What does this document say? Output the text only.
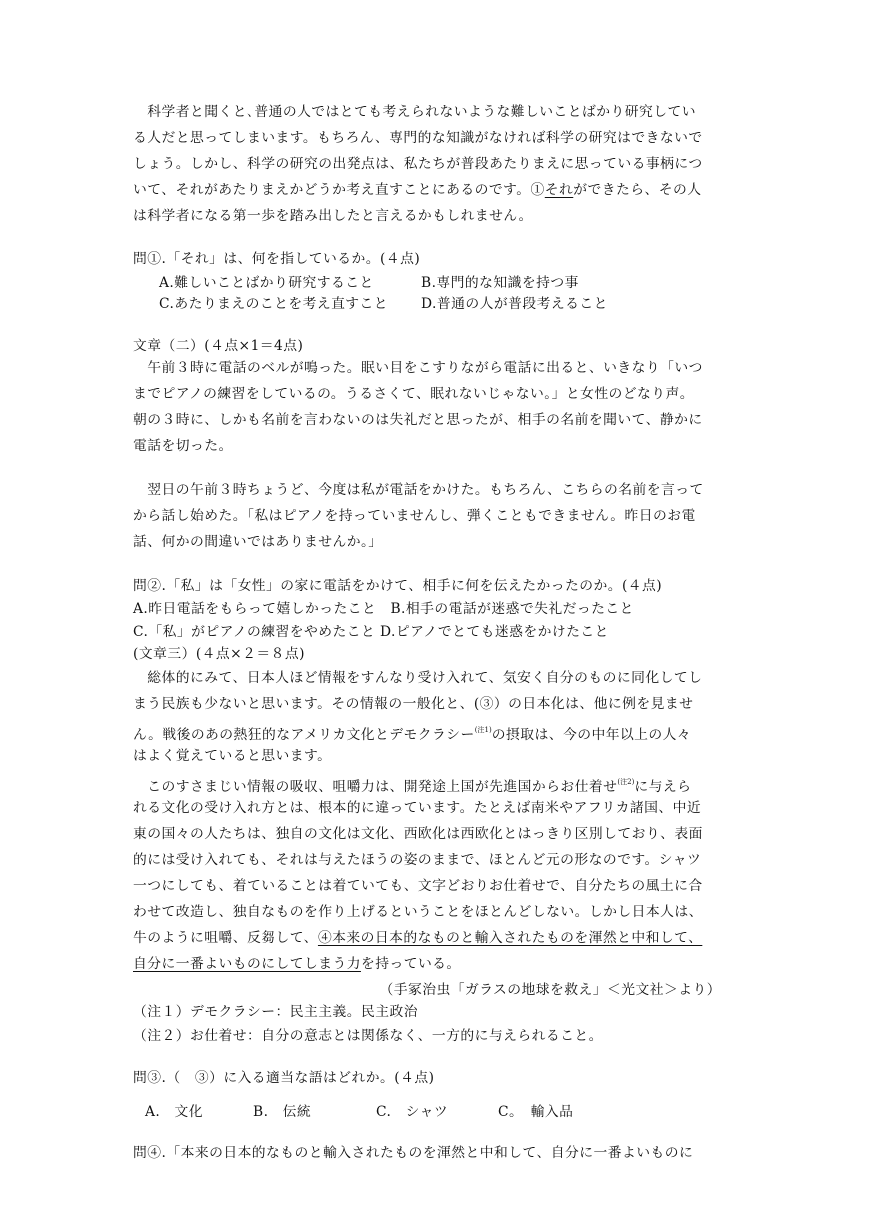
　科学者と聞くと､普通の人ではとても考えられないような難しいことばかり研究してい
る人だと思ってしまいます。もちろん、専門的な知識がなければ科学の研究はできないで
しょう。しかし、科学の研究の出発点は、私たちが普段あたりまえに思っている事柄につ
いて、それがあたりまえかどうか考え直すことにあるのです。①それができたら、その人
は科学者になる第一歩を踏み出したと言えるかもしれません。
問①.「それ」は、何を指しているか。(４点)
A.難しいことばかり研究すること	B.専門的な知識を持つ事
C.あたりまえのことを考え直すこと D.普通の人が普段考えること
文章（二）(４点×1＝4点)
　午前３時に電話のベルが鳴った。眠い目をこすりながら電話に出ると、いきなり「いつ
までピアノの練習をしているの。うるさくて、眠れないじゃない。」と女性のどなり声。
朝の３時に、しかも名前を言わないのは失礼だと思ったが、相手の名前を聞いて、静かに
電話を切った。
　翌日の午前３時ちょうど、今度は私が電話をかけた。もちろん、こちらの名前を言って
から話し始めた。「私はピアノを持っていませんし、弾くこともできません。昨日のお電
話、何かの間違いではありませんか。」
問②.「私」は「女性」の家に電話をかけて、相手に何を伝えたかったのか。(４点)
A.昨日電話をもらって嬉しかったこと　B.相手の電話が迷惑で失礼だったこと
C.「私」がピアノの練習をやめたこと D.ピアノでとても迷惑をかけたこと
(文章三）(４点×２＝８点)
　総体的にみて、日本人ほど情報をすんなり受け入れて、気安く自分のものに同化してし
まう民族も少ないと思います。その情報の一般化と、(③）の日本化は、他に例を見ませ
ん。戦後のあの熱狂的なアメリカ文化とデモクラシー$^{(注1)}$の摂取は、今の中年以上の人々
はよく覚えていると思います。
　このすさまじい情報の吸収、咀嚼力は、開発途上国が先進国からお仕着せ$^{(注2)}$に与えら
れる文化の受け入れ方とは、根本的に違っています。たとえば南米やアフリカ諸国、中近
東の国々の人たちは、独自の文化は文化、西欧化は西欧化とはっきり区別しており、表面
的には受け入れても、それは与えたほうの姿のままで、ほとんど元の形なのです。シャツ
一つにしても、着ていることは着ていても、文字どおりお仕着せで、自分たちの風土に合
わせて改造し、独自なものを作り上げるということをほとんどしない。しかし日本人は、
牛のように咀嚼、反芻して、④本来の日本的なものと輸入されたものを渾然と中和して、
自分に一番よいものにしてしまう力を持っている。
（手冢治虫「ガラスの地球を救え」＜光文社＞より）
（注１）デモクラシー：民主主義。民主政治
（注２）お仕着せ：自分の意志とは関係なく、一方的に与えられること。
問③.（　③）に入る適当な語はどれか。(４点)
A.　文化	B.　伝統	C.　シャツ	C。　輸入品
問④.「本来の日本的なものと輸入されたものを渾然と中和して、自分に一番よいものに
